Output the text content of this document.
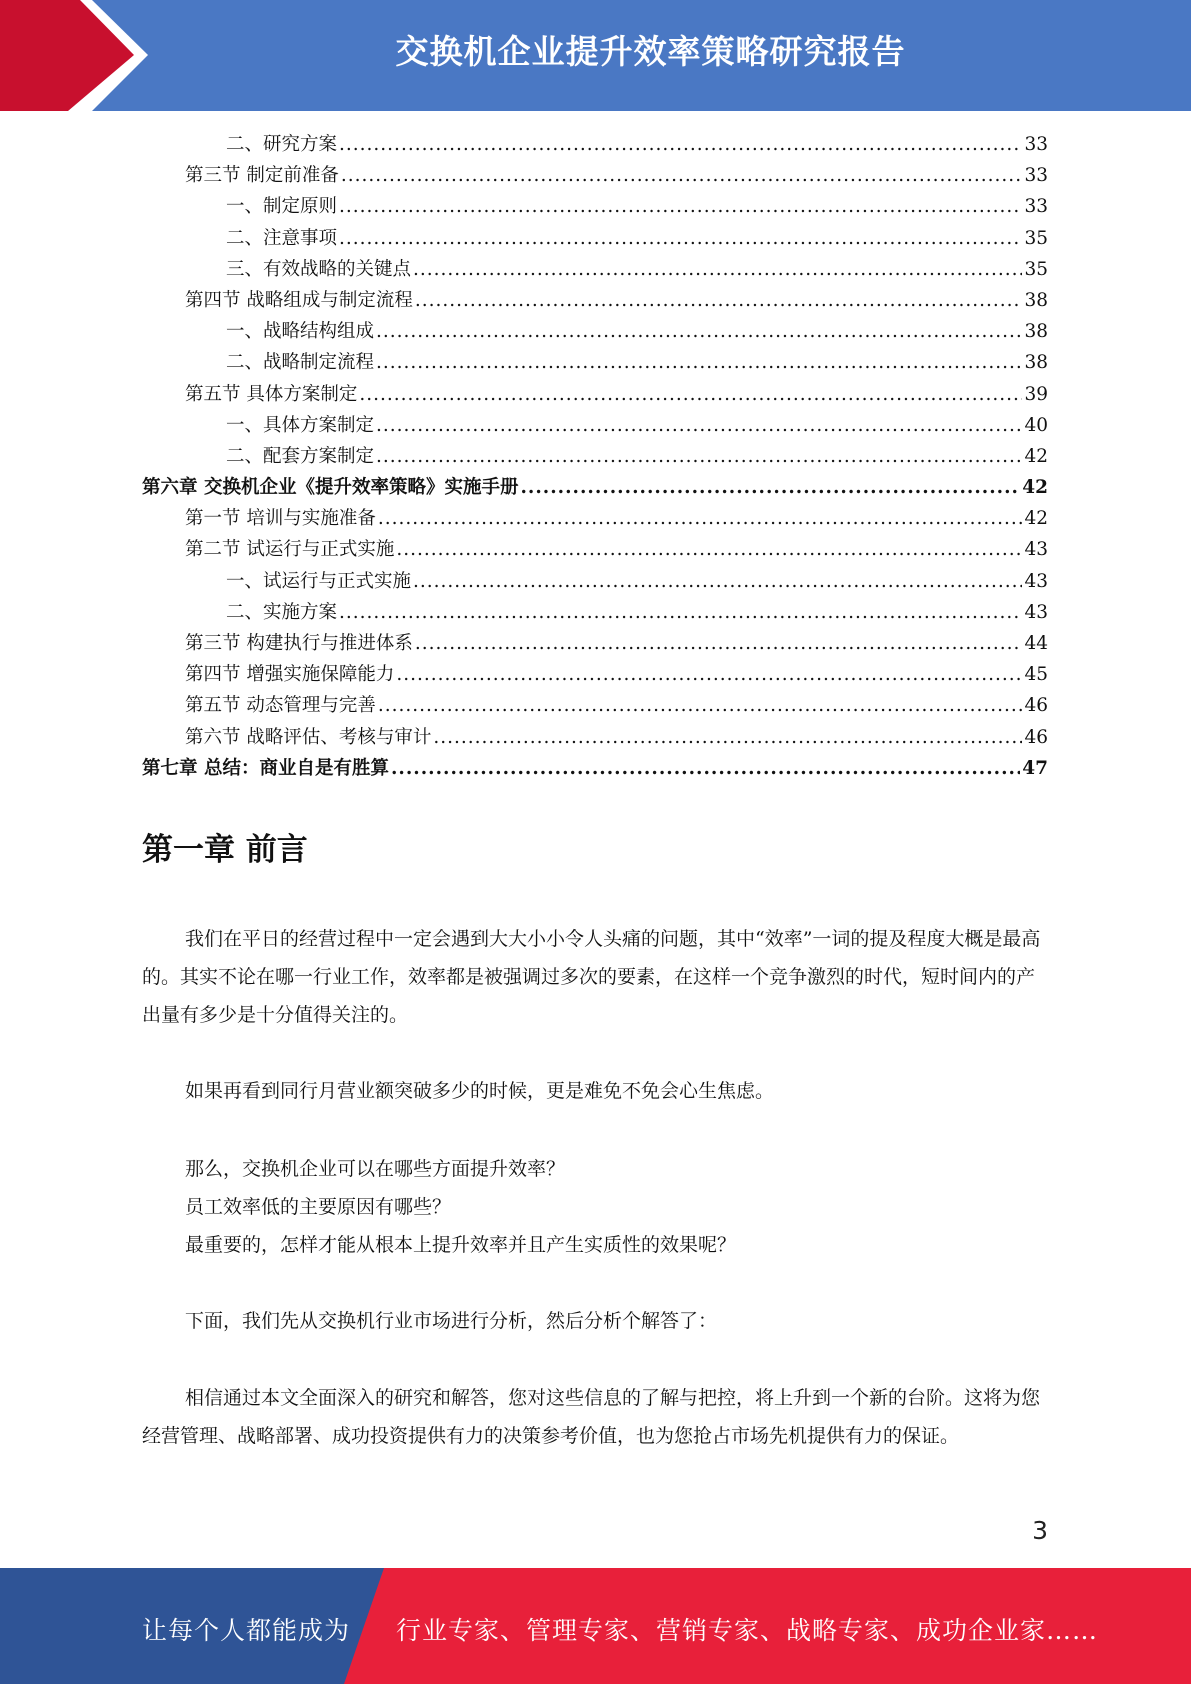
交换机企业提升效率策略研究报告
二、研究方案 .....	33
第三节 制定前准备 .....	33
一、制定原则 .....	33
二、注意事项 .....	35
三、有效战略的关键点 .....	35
第四节 战略组成与制定流程 .....	38
一、战略结构组成 .....	38
二、战略制定流程 .....	38
第五节 具体方案制定 .....	39
一、具体方案制定 .....	40
二、配套方案制定 .....	42
第六章 交换机企业《提升效率策略》实施手册 .....	42
第一节 培训与实施准备 .....	42
第二节 试运行与正式实施 .....	43
一、试运行与正式实施 .....	43
二、实施方案 .....	43
第三节 构建执行与推进体系 .....	44
第四节 增强实施保障能力 .....	45
第五节 动态管理与完善 .....	46
第六节 战略评估、考核与审计 .....	46
第七章 总结：商业自是有胜算 .....	47
第一章 前言

我们在平日的经营过程中一定会遇到大大小小令人头痛的问题，其中“效率”一词的提及程度大概是最高的。其实不论在哪一行业工作，效率都是被强调过多次的要素，在这样一个竞争激烈的时代，短时间内的产出量有多少是十分值得关注的。

如果再看到同行月营业额突破多少的时候，更是难免不免会心生焦虑。

那么，交换机企业可以在哪些方面提升效率？
员工效率低的主要原因有哪些？
最重要的，怎样才能从根本上提升效率并且产生实质性的效果呢？

下面，我们先从交换机行业市场进行分析，然后分析个解答了：

相信通过本文全面深入的研究和解答，您对这些信息的了解与把控，将上升到一个新的台阶。这将为您经营管理、战略部署、成功投资提供有力的决策参考价值，也为您抢占市场先机提供有力的保证。

3
让每个人都能成为 行业专家、管理专家、营销专家、战略专家、成功企业家……
